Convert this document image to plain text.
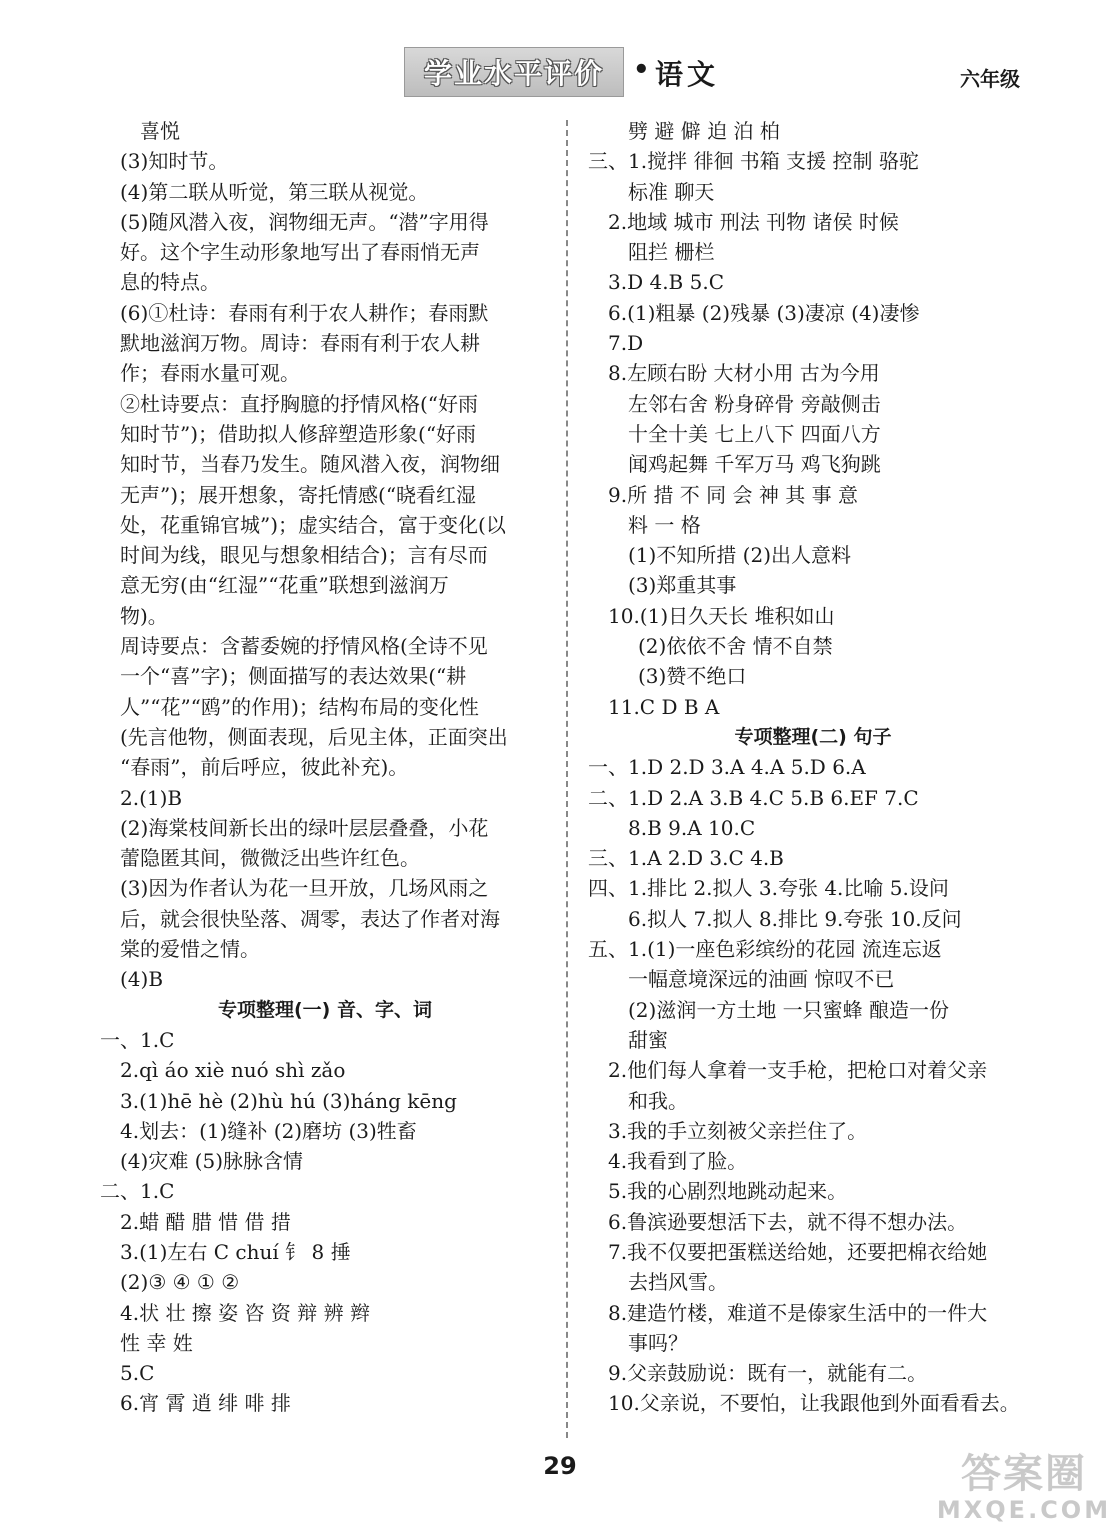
学业水平评价 • 语文	六年级
喜悦
(3)知时节。
(4)第二联从听觉，第三联从视觉。
(5)随风潜入夜，润物细无声。“潜”字用得
好。这个字生动形象地写出了春雨悄无声
息的特点。
(6)①杜诗：春雨有利于农人耕作；春雨默
默地滋润万物。周诗：春雨有利于农人耕
作；春雨水量可观。
②杜诗要点：直抒胸臆的抒情风格(“好雨
知时节”)；借助拟人修辞塑造形象(“好雨
知时节，当春乃发生。随风潜入夜，润物细
无声”)；展开想象，寄托情感(“晓看红湿
处，花重锦官城”)；虚实结合，富于变化(以
时间为线，眼见与想象相结合)；言有尽而
意无穷(由“红湿”“花重”联想到滋润万
物)。
周诗要点：含蓄委婉的抒情风格(全诗不见
一个“喜”字)；侧面描写的表达效果(“耕
人”“花”“鸥”的作用)；结构布局的变化性
(先言他物，侧面表现，后见主体，正面突出
“春雨”，前后呼应，彼此补充)。
2.(1)B
(2)海棠枝间新长出的绿叶层层叠叠，小花
蕾隐匿其间，微微泛出些许红色。
(3)因为作者认为花一旦开放，几场风雨之
后，就会很快坠落、凋零，表达了作者对海
棠的爱惜之情。
(4)B
专项整理(一) 音、字、词
一、1.C
2.qì áo xiè nuó shì zǎo
3.(1)hē hè (2)hù hú (3)háng kēng
4.划去：(1)缝补 (2)磨坊 (3)牲畜
(4)灾难 (5)脉脉含情
二、1.C
2.蜡 醋 腊 惜 借 措
3.(1)左右 C chuí 钅 8 捶
(2)③ ④ ① ②
4.状 壮 擦 姿 咨 资 辩 辨 辫
性 幸 姓
5.C
6.宵 霄 逍 绯 啡 排
劈 避 僻 迫 泊 柏
三、1.搅拌 徘徊 书箱 支援 控制 骆驼
标准 聊天
2.地域 城市 刑法 刊物 诸侯 时候
阻拦 栅栏
3.D 4.B 5.C
6.(1)粗暴 (2)残暴 (3)凄凉 (4)凄惨
7.D
8.左顾右盼 大材小用 古为今用
左邻右舍 粉身碎骨 旁敲侧击
十全十美 七上八下 四面八方
闻鸡起舞 千军万马 鸡飞狗跳
9.所 措 不 同 会 神 其 事 意
料 一 格
(1)不知所措 (2)出人意料
(3)郑重其事
10.(1)日久天长 堆积如山
(2)依依不舍 情不自禁
(3)赞不绝口
11.C D B A
专项整理(二) 句子
一、1.D 2.D 3.A 4.A 5.D 6.A
二、1.D 2.A 3.B 4.C 5.B 6.EF 7.C
8.B 9.A 10.C
三、1.A 2.D 3.C 4.B
四、1.排比 2.拟人 3.夸张 4.比喻 5.设问
6.拟人 7.拟人 8.排比 9.夸张 10.反问
五、1.(1)一座色彩缤纷的花园 流连忘返
一幅意境深远的油画 惊叹不已
(2)滋润一方土地 一只蜜蜂 酿造一份
甜蜜
2.他们每人拿着一支手枪，把枪口对着父亲
和我。
3.我的手立刻被父亲拦住了。
4.我看到了脸。
5.我的心剧烈地跳动起来。
6.鲁滨逊要想活下去，就不得不想办法。
7.我不仅要把蛋糕送给她，还要把棉衣给她
去挡风雪。
8.建造竹楼，难道不是傣家生活中的一件大
事吗？
9.父亲鼓励说：既有一，就能有二。
10.父亲说，不要怕，让我跟他到外面看看去。
29	答案圈
MXQE.COM
